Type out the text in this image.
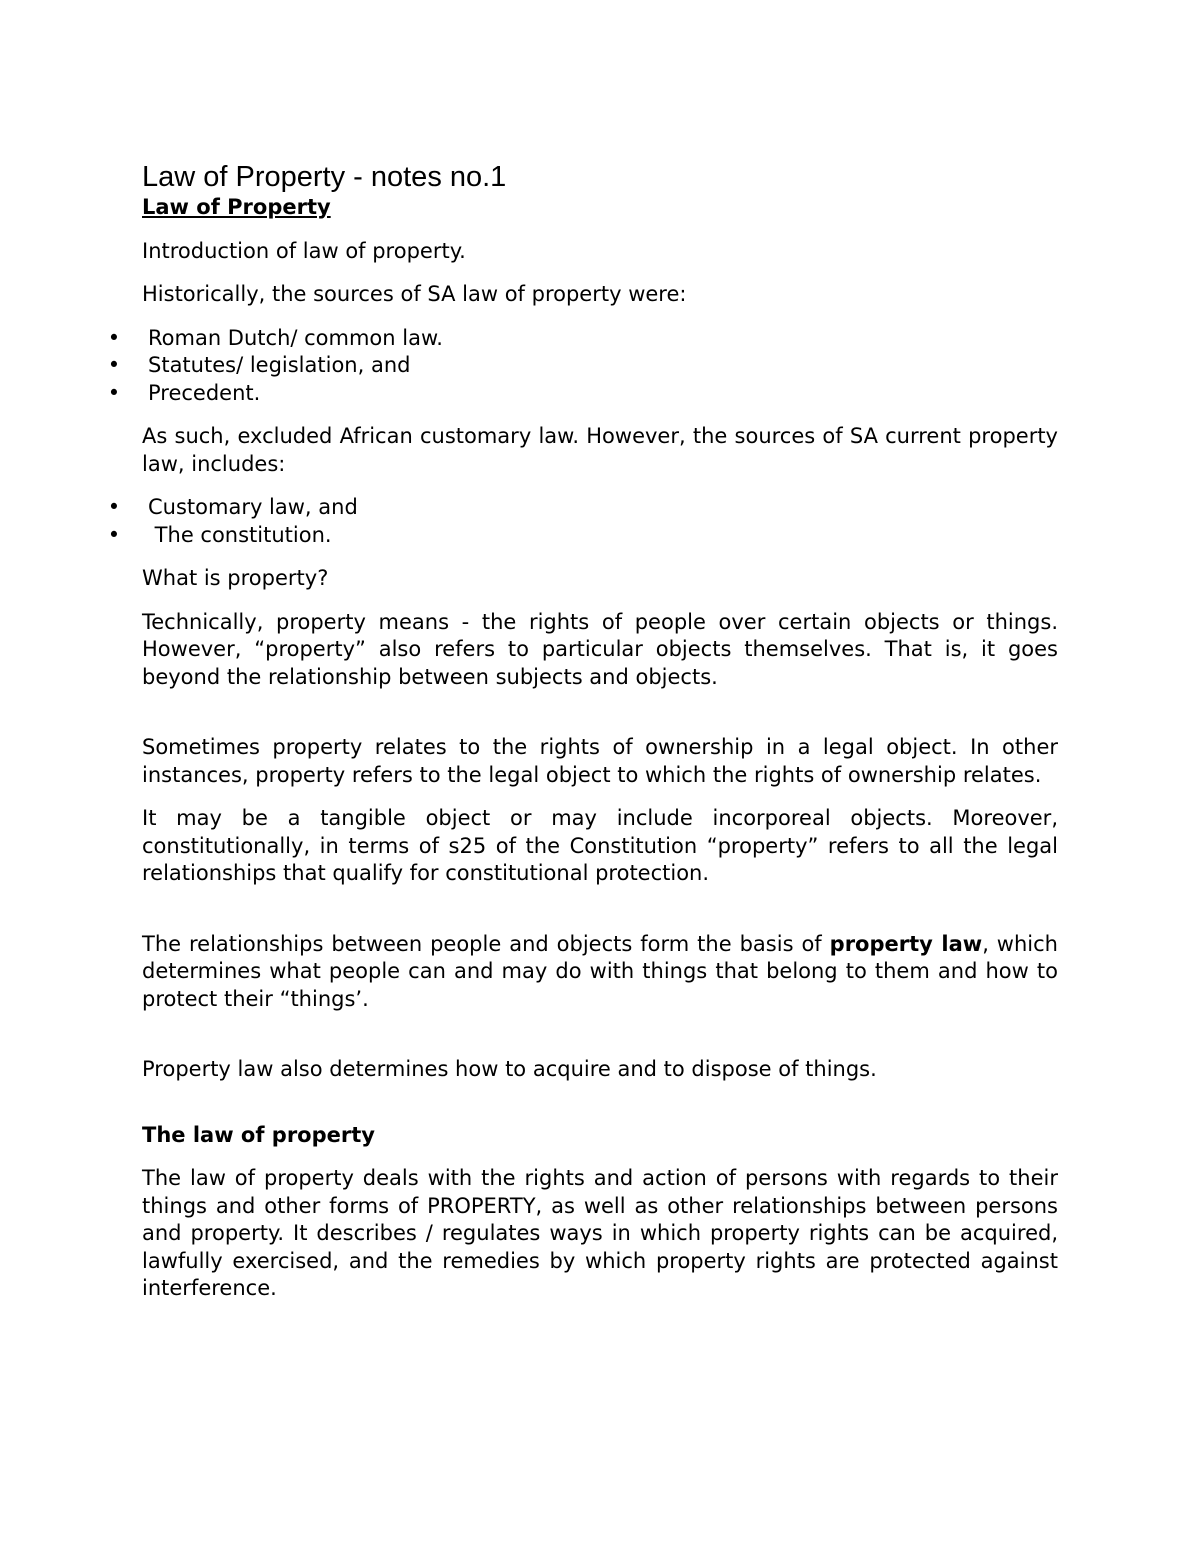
Law of Property - notes no.1
Law of Property

Introduction of law of property.

Historically, the sources of SA law of property were:

• Roman Dutch/ common law.
• Statutes/ legislation, and
• Precedent.

As such, excluded African customary law. However, the sources of SA current property law, includes:

• Customary law, and
• The constitution.

What is property?

Technically, property means - the rights of people over certain objects or things. However, “property” also refers to particular objects themselves. That is, it goes beyond the relationship between subjects and objects.

Sometimes property relates to the rights of ownership in a legal object. In other instances, property refers to the legal object to which the rights of ownership relates.

It may be a tangible object or may include incorporeal objects. Moreover, constitutionally, in terms of s25 of the Constitution “property” refers to all the legal relationships that qualify for constitutional protection.

The relationships between people and objects form the basis of property law, which determines what people can and may do with things that belong to them and how to protect their “things’.

Property law also determines how to acquire and to dispose of things.

The law of property

The law of property deals with the rights and action of persons with regards to their things and other forms of PROPERTY, as well as other relationships between persons and property. It describes / regulates ways in which property rights can be acquired, lawfully exercised, and the remedies by which property rights are protected against interference.
